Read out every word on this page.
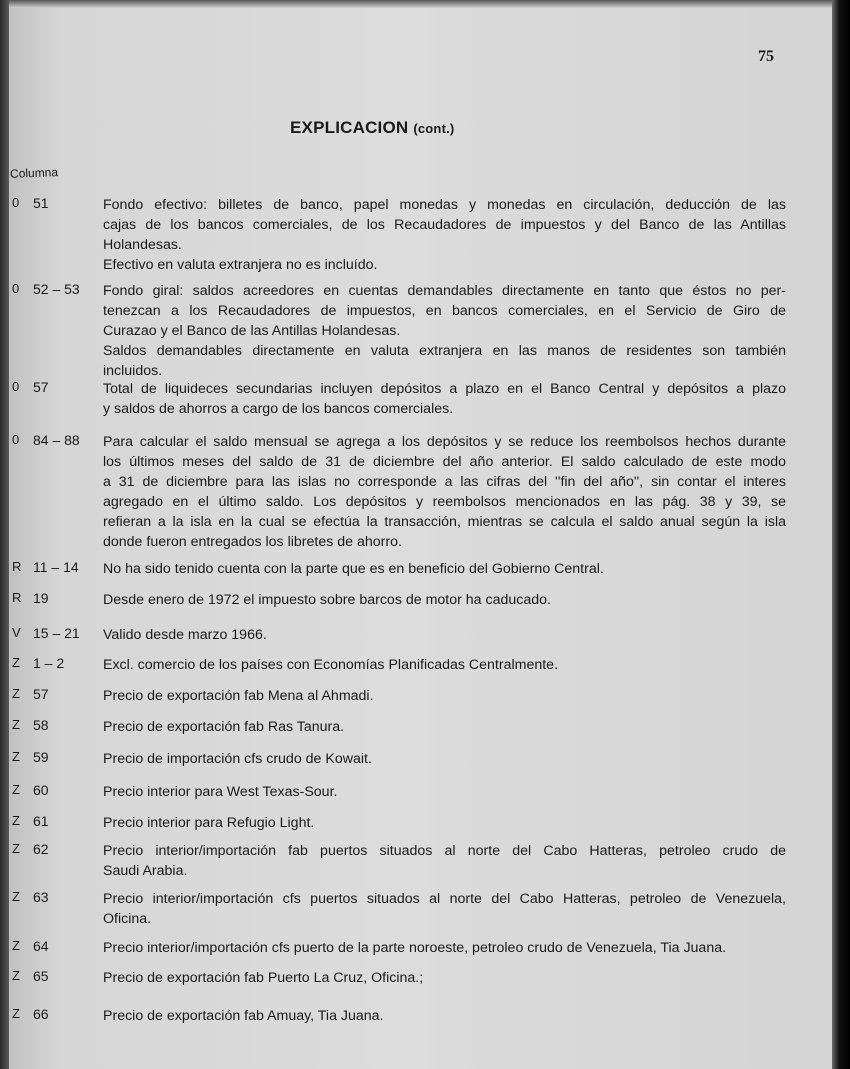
75
EXPLICACION (cont.)
Columna
0 51	Fondo efectivo: billetes de banco, papel monedas y monedas en circulación, deducción de las
cajas de los bancos comerciales, de los Recaudadores de impuestos y del Banco de las Antillas
Holandesas.
Efectivo en valuta extranjera no es incluído.
0 52 – 53 Fondo giral: saldos acreedores en cuentas demandables directamente en tanto que éstos no per-
tenezcan a los Recaudadores de impuestos, en bancos comerciales, en el Servicio de Giro de
Curazao y el Banco de las Antillas Holandesas.
Saldos demandables directamente en valuta extranjera en las manos de residentes son también
incluidos.
0 57	Total de liquideces secundarias incluyen depósitos a plazo en el Banco Central y depósitos a plazo
y saldos de ahorros a cargo de los bancos comerciales.
0 84 – 88 Para calcular el saldo mensual se agrega a los depósitos y se reduce los reembolsos hechos durante
los últimos meses del saldo de 31 de diciembre del año anterior. El saldo calculado de este modo
a 31 de diciembre para las islas no corresponde a las cifras del ''fin del año'', sin contar el interes
agregado en el último saldo. Los depósitos y reembolsos mencionados en las pág. 38 y 39, se
refieran a la isla en la cual se efectúa la transacción, mientras se calcula el saldo anual según la isla
donde fueron entregados los libretes de ahorro.
R 11 – 14 No ha sido tenido cuenta con la parte que es en beneficio del Gobierno Central.
R 19	Desde enero de 1972 el impuesto sobre barcos de motor ha caducado.
V 15 – 21 Valido desde marzo 1966.
Z 1 – 2	Excl. comercio de los países con Economías Planificadas Centralmente.
Z 57	Precio de exportación fab Mena al Ahmadi.
Z 58	Precio de exportación fab Ras Tanura.
Z 59	Precio de importación cfs crudo de Kowait.
Z 60	Precio interior para West Texas-Sour.
Z 61	Precio interior para Refugio Light.
Z 62	Precio interior/importación fab puertos situados al norte del Cabo Hatteras, petroleo crudo de
Saudi Arabia.
Z 63	Precio interior/importación cfs puertos situados al norte del Cabo Hatteras, petroleo de Venezuela,
Oficina.
Z 64	Precio interior/importación cfs puerto de la parte noroeste, petroleo crudo de Venezuela, Tia Juana.
Z 65	Precio de exportación fab Puerto La Cruz, Oficina.;
Z 66	Precio de exportación fab Amuay, Tia Juana.
